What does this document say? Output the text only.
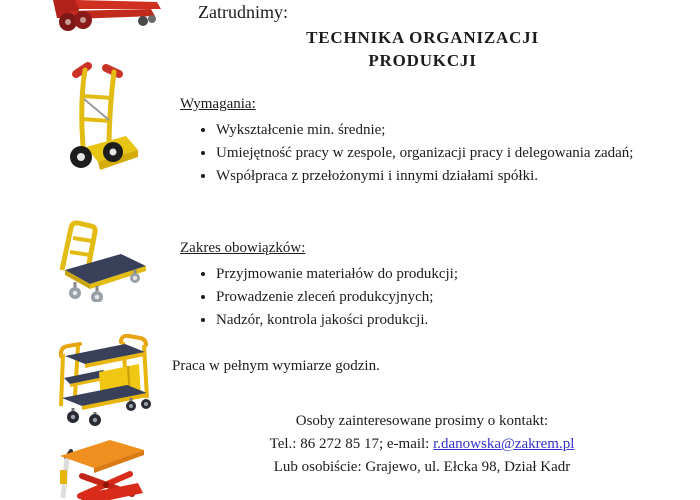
Zatrudnimy:
TECHNIKA ORGANIZACJI
PRODUKCJI
Wymagania:
• Wykształcenie min. średnie;
• Umiejętność pracy w zespole, organizacji pracy i delegowania zadań;
• Współpraca z przełożonymi i innymi działami spółki.
Zakres obowiązków:
• Przyjmowanie materiałów do produkcji;
• Prowadzenie zleceń produkcyjnych;
• Nadzór, kontrola jakości produkcji.
Praca w pełnym wymiarze godzin.
Osoby zainteresowane prosimy o kontakt:
Tel.: 86 272 85 17; e-mail: r.danowska@zakrem.pl
Lub osobiście: Grajewo, ul. Ełcka 98, Dział Kadr
